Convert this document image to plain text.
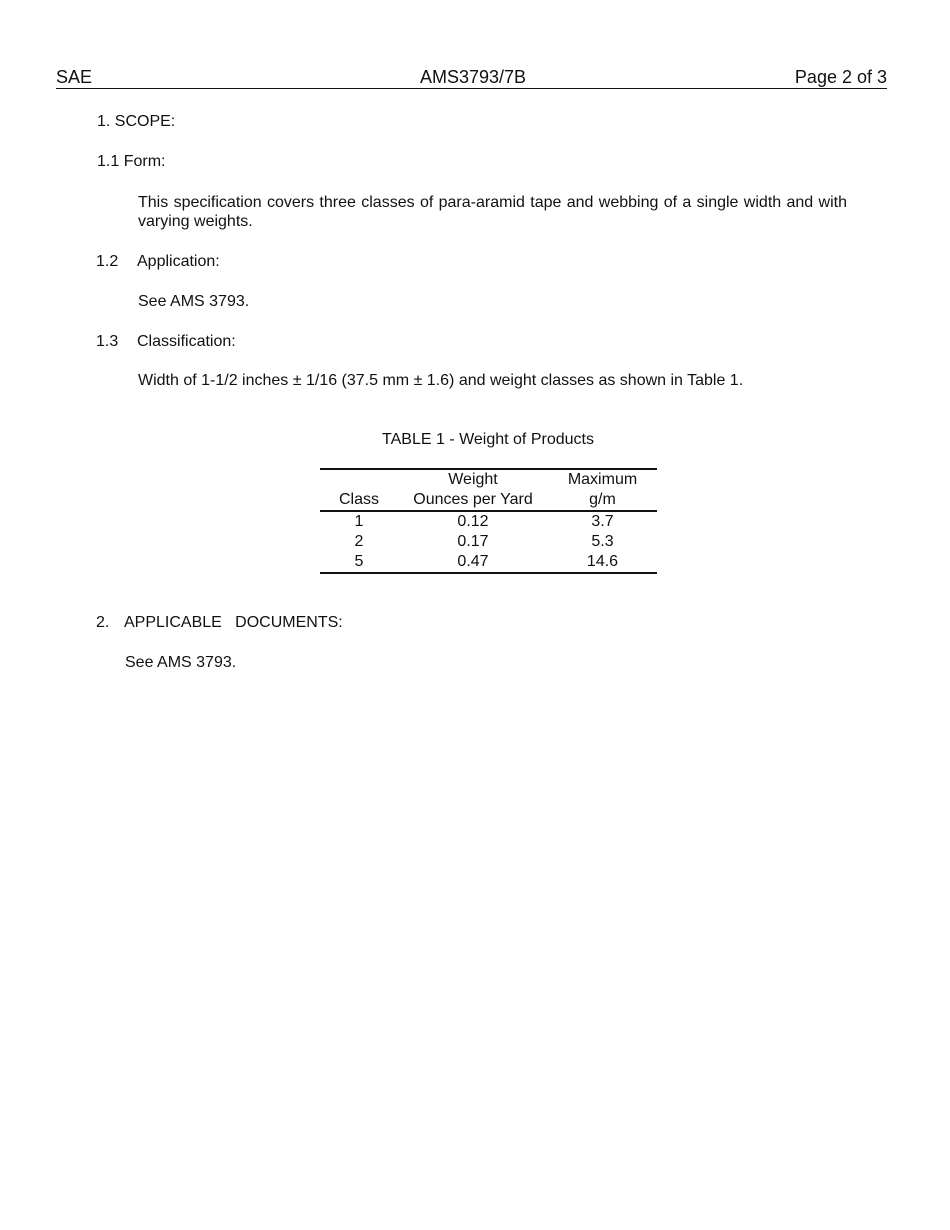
SAE	AMS3793/7B	Page 2 of 3
1. SCOPE:
1.1 Form:
This specification covers three classes of para-aramid tape and webbing of a single width and with varying weights.
1.2 Application:
See AMS 3793.
1.3 Classification:
Width of 1-1/2 inches ± 1/16 (37.5 mm ± 1.6) and weight classes as shown in Table 1.
TABLE 1 - Weight of Products
	Weight	Maximum
Class	Ounces per Yard	g/m
1	0.12	3.7
2	0.17	5.3
5	0.47	14.6
2. APPLICABLE   DOCUMENTS:
See AMS 3793.
